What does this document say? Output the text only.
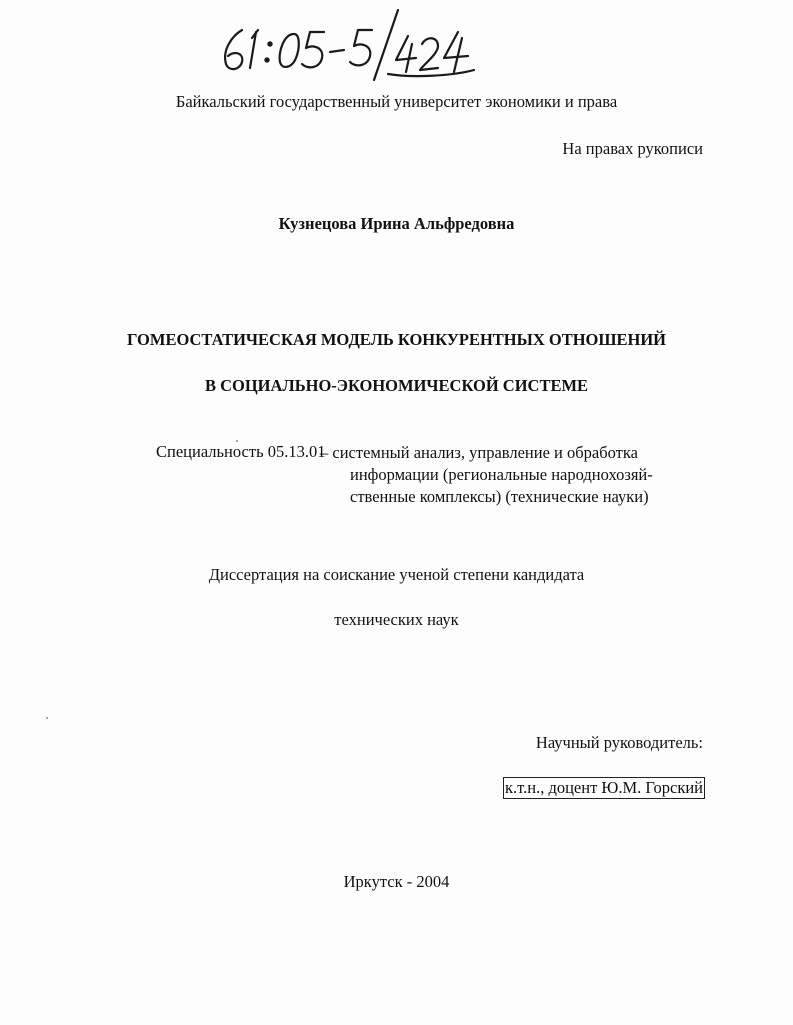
Байкальский государственный университет экономики и права
На правах рукописи
Кузнецова Ирина Альфредовна
ГОМЕОСТАТИЧЕСКАЯ МОДЕЛЬ КОНКУРЕНТНЫХ ОТНОШЕНИЙ
В СОЦИАЛЬНО-ЭКОНОМИЧЕСКОЙ СИСТЕМЕ
Специальность 05.13.01
– системный анализ, управление и обработка
информации (региональные народнохозяй-
ственные комплексы) (технические науки)
Диссертация на соискание ученой степени кандидата
технических наук
Научный руководитель:
к.т.н., доцент Ю.М. Горский
Иркутск - 2004
